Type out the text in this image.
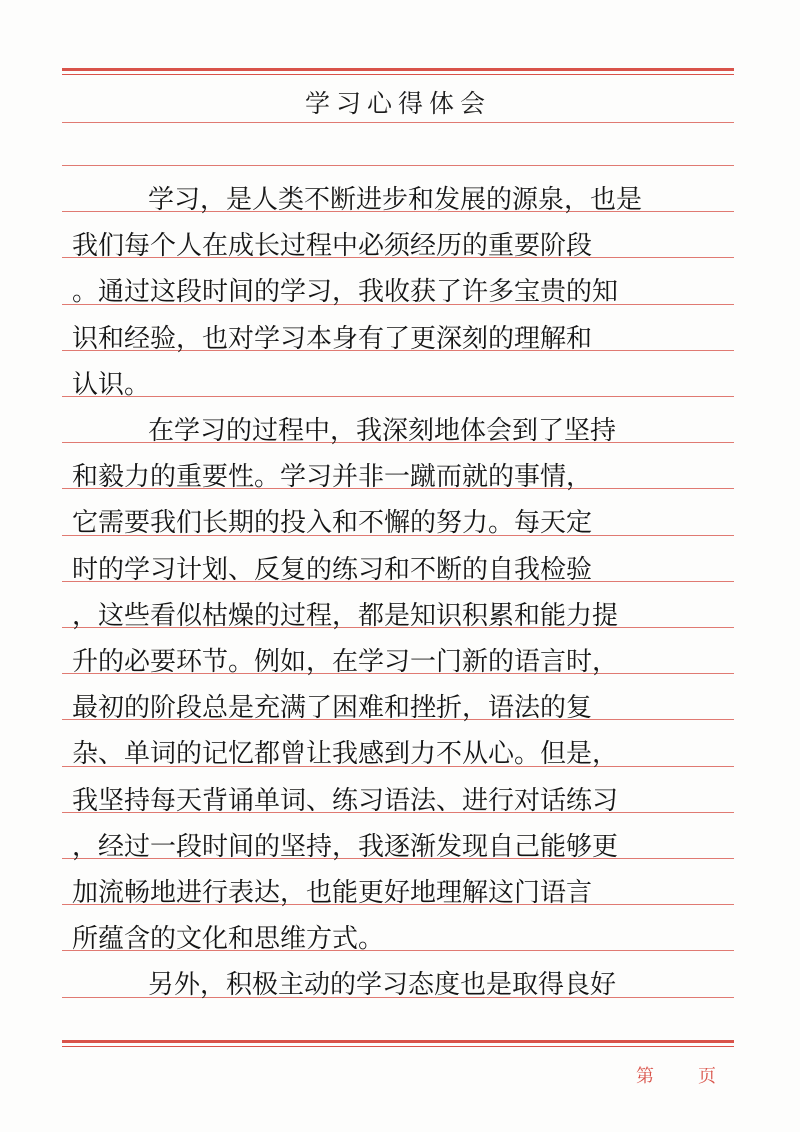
学习心得体会
学习，是人类不断进步和发展的源泉，也是
我们每个人在成长过程中必须经历的重要阶段
。通过这段时间的学习，我收获了许多宝贵的知
识和经验，也对学习本身有了更深刻的理解和
认识。
在学习的过程中，我深刻地体会到了坚持
和毅力的重要性。学习并非一蹴而就的事情，
它需要我们长期的投入和不懈的努力。每天定
时的学习计划、反复的练习和不断的自我检验
，这些看似枯燥的过程，都是知识积累和能力提
升的必要环节。例如，在学习一门新的语言时，
最初的阶段总是充满了困难和挫折，语法的复
杂、单词的记忆都曾让我感到力不从心。但是，
我坚持每天背诵单词、练习语法、进行对话练习
，经过一段时间的坚持，我逐渐发现自己能够更
加流畅地进行表达，也能更好地理解这门语言
所蕴含的文化和思维方式。
另外，积极主动的学习态度也是取得良好
第 页
